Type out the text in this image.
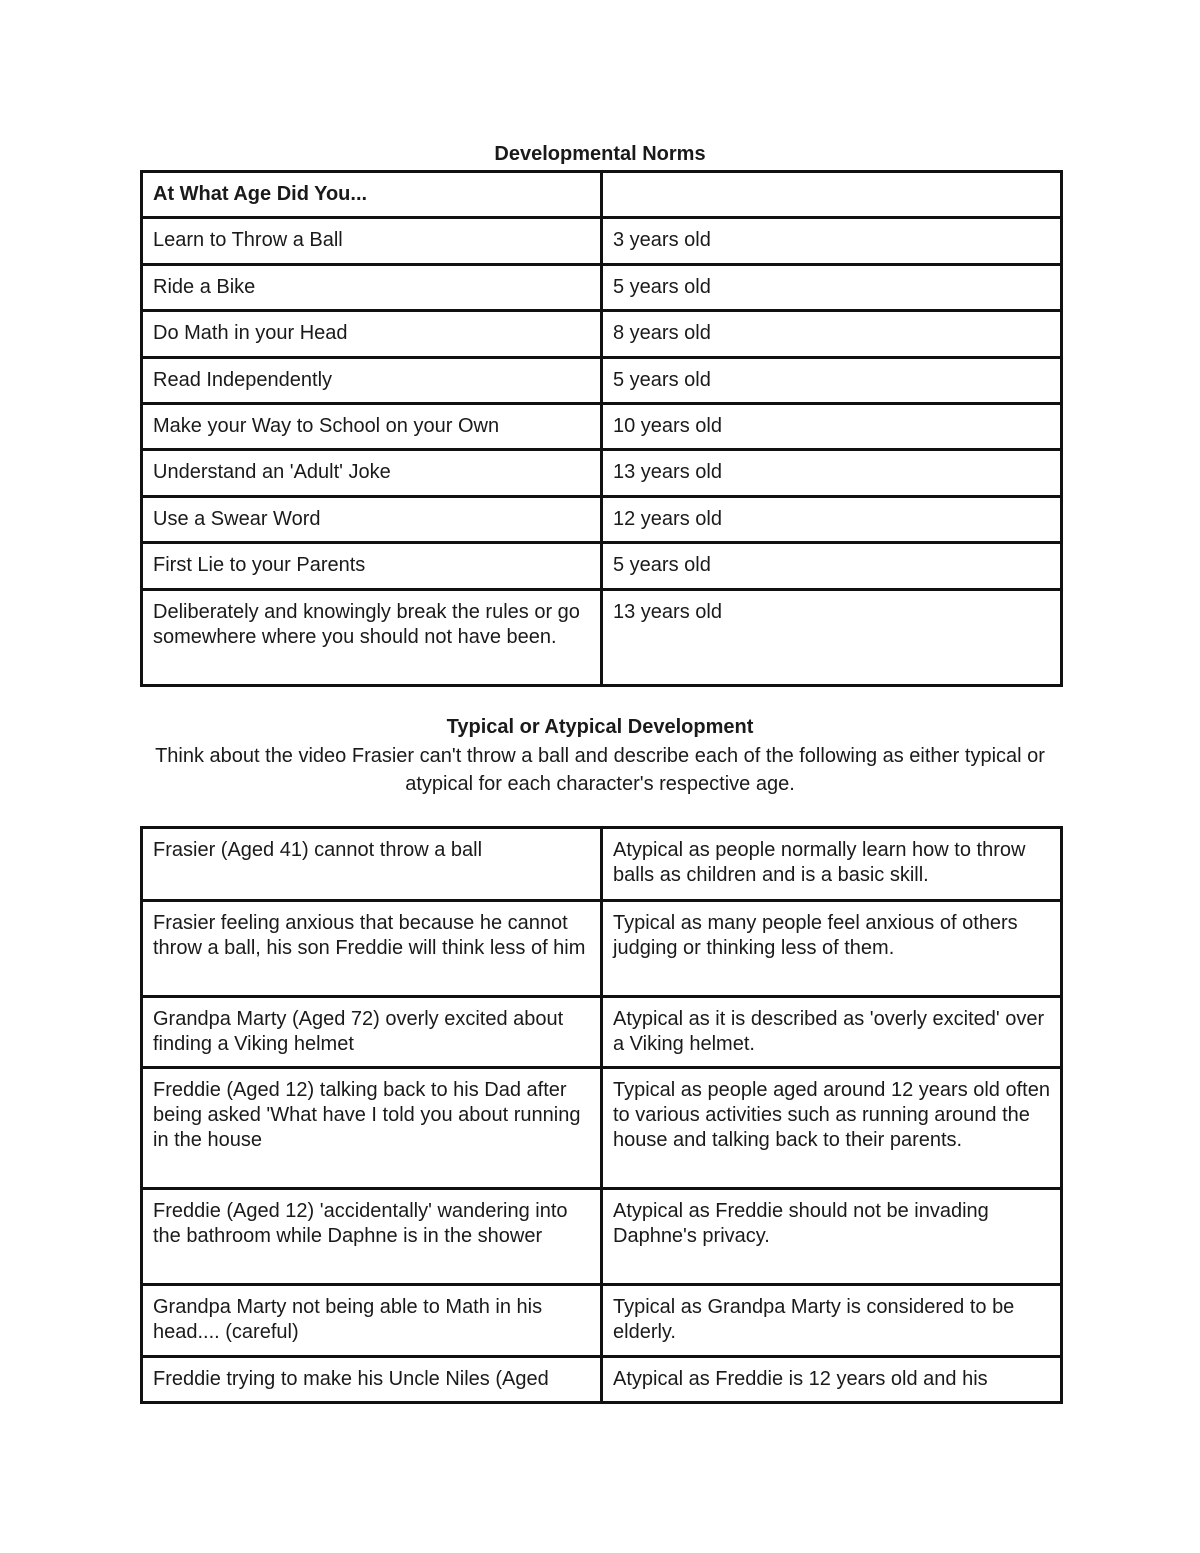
Developmental Norms
At What Age Did You...	
Learn to Throw a Ball	3 years old
Ride a Bike	5 years old
Do Math in your Head	8 years old
Read Independently	5 years old
Make your Way to School on your Own	10 years old
Understand an 'Adult' Joke	13 years old
Use a Swear Word	12 years old
First Lie to your Parents	5 years old
Deliberately and knowingly break the rules or go somewhere where you should not have been.	13 years old
Typical or Atypical Development
Think about the video Frasier can't throw a ball and describe each of the following as either typical or atypical for each character's respective age.
Frasier (Aged 41) cannot throw a ball	Atypical as people normally learn how to throw balls as children and is a basic skill.
Frasier feeling anxious that because he cannot throw a ball, his son Freddie will think less of him	Typical as many people feel anxious of others judging or thinking less of them.
Grandpa Marty (Aged 72) overly excited about finding a Viking helmet	Atypical as it is described as 'overly excited' over a Viking helmet.
Freddie (Aged 12) talking back to his Dad after being asked 'What have I told you about running in the house	Typical as people aged around 12 years old often to various activities such as running around the house and talking back to their parents.
Freddie (Aged 12) 'accidentally' wandering into the bathroom while Daphne is in the shower	Atypical as Freddie should not be invading Daphne's privacy.
Grandpa Marty not being able to Math in his head.... (careful)	Typical as Grandpa Marty is considered to be elderly.
Freddie trying to make his Uncle Niles (Aged	Atypical as Freddie is 12 years old and his
